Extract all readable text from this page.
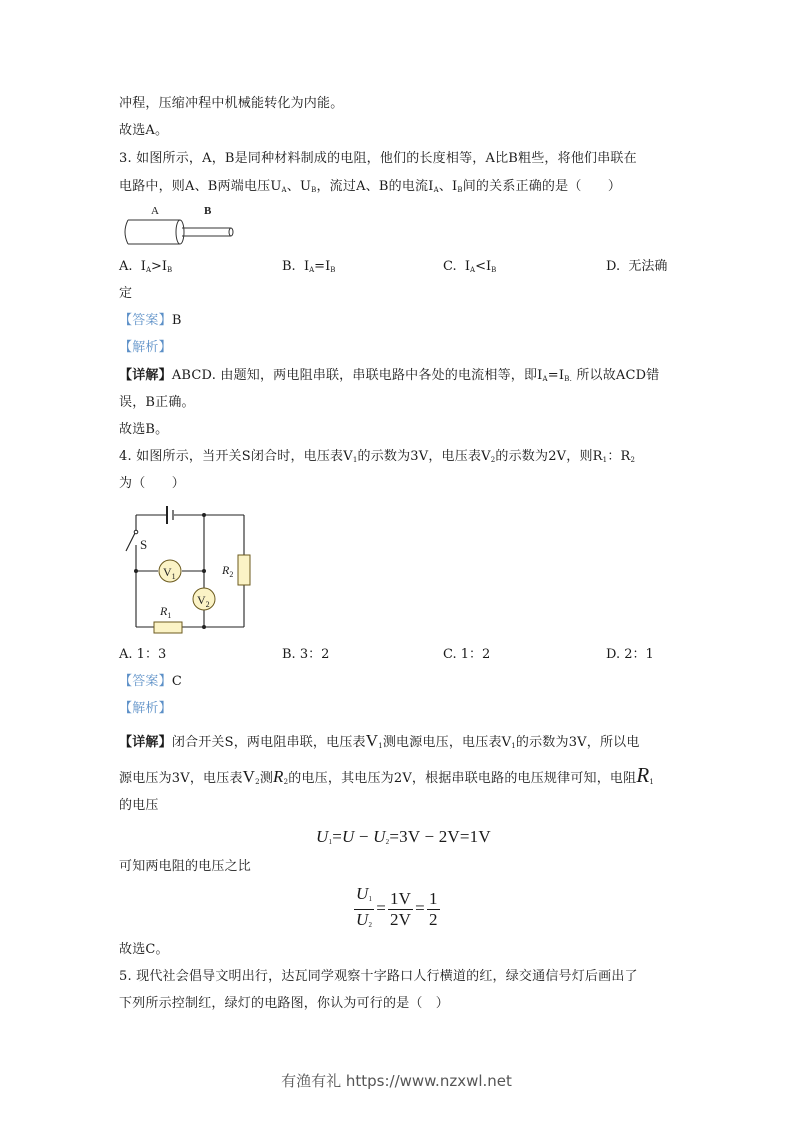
冲程，压缩冲程中机械能转化为内能。
故选A。
3. 如图所示，A，B是同种材料制成的电阻，他们的长度相等，A比B粗些，将他们串联在
电路中，则A、B两端电压$U_A$、$U_B$，流过A、B的电流$I_A$、$I_B$间的关系正确的是（　　）
A	B
A. $I_A>I_B$	B. $I_A=I_B$	C. $I_A<I_B$	D. 无法确
定
【答案】B
【解析】
【详解】ABCD. 由题知，两电阻串联，串联电路中各处的电流相等，即$I_A=I_{B.}$ 所以故ACD错
误，B正确。
故选B。
4. 如图所示，当开关S闭合时，电压表$V_1$的示数为3V，电压表$V_2$的示数为2V，则$R_1$：$R_2$
为（　　）
S
$V_1$
$V_2$
$R_2$
$R_1$
A. 1：3	B. 3：2	C. 1：2	D. 2：1
【答案】C
【解析】
【详解】闭合开关S，两电阻串联，电压表$V_1$测电源电压，电压表$V_1$的示数为3V，所以电
源电压为3V，电压表$V_2$测$R_2$的电压，其电压为2V，根据串联电路的电压规律可知，电阻$R_1$
的电压
$U_1=U - U_2=3V - 2V=1V$
可知两电阻的电压之比
$\frac{U_1}{U_2} = \frac{1V}{2V} = \frac{1}{2}$
故选C。
5. 现代社会倡导文明出行，达瓦同学观察十字路口人行横道的红，绿交通信号灯后画出了
下列所示控制红，绿灯的电路图，你认为可行的是（　）
有渔有礼 https://www.nzxwl.net
